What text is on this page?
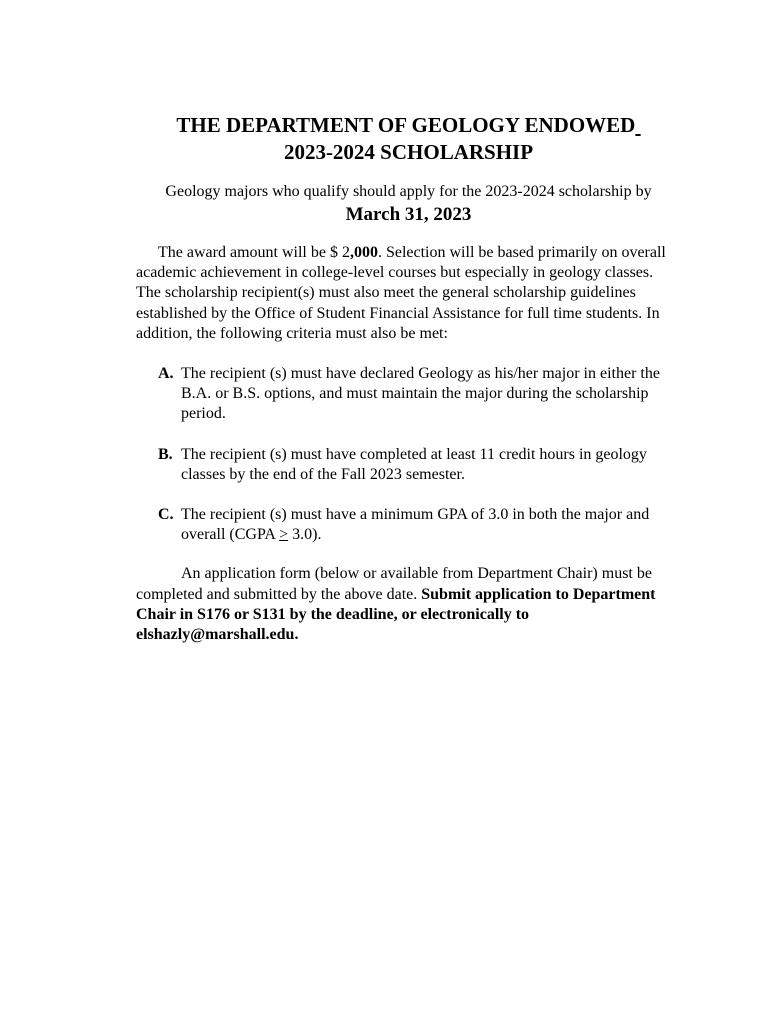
THE DEPARTMENT OF GEOLOGY ENDOWED
2023-2024 SCHOLARSHIP
Geology majors who qualify should apply for the 2023-2024 scholarship by
March 31, 2023
The award amount will be $ 2,000. Selection will be based primarily on overall academic achievement in college-level courses but especially in geology classes. The scholarship recipient(s) must also meet the general scholarship guidelines established by the Office of Student Financial Assistance for full time students. In addition, the following criteria must also be met:
A. The recipient (s) must have declared Geology as his/her major in either the B.A. or B.S. options, and must maintain the major during the scholarship period.
B. The recipient (s) must have completed at least 11 credit hours in geology classes by the end of the Fall 2023 semester.
C. The recipient (s) must have a minimum GPA of 3.0 in both the major and overall (CGPA ≥ 3.0).
An application form (below or available from Department Chair) must be completed and submitted by the above date. Submit application to Department Chair in S176 or S131 by the deadline, or electronically to elshazly@marshall.edu.
